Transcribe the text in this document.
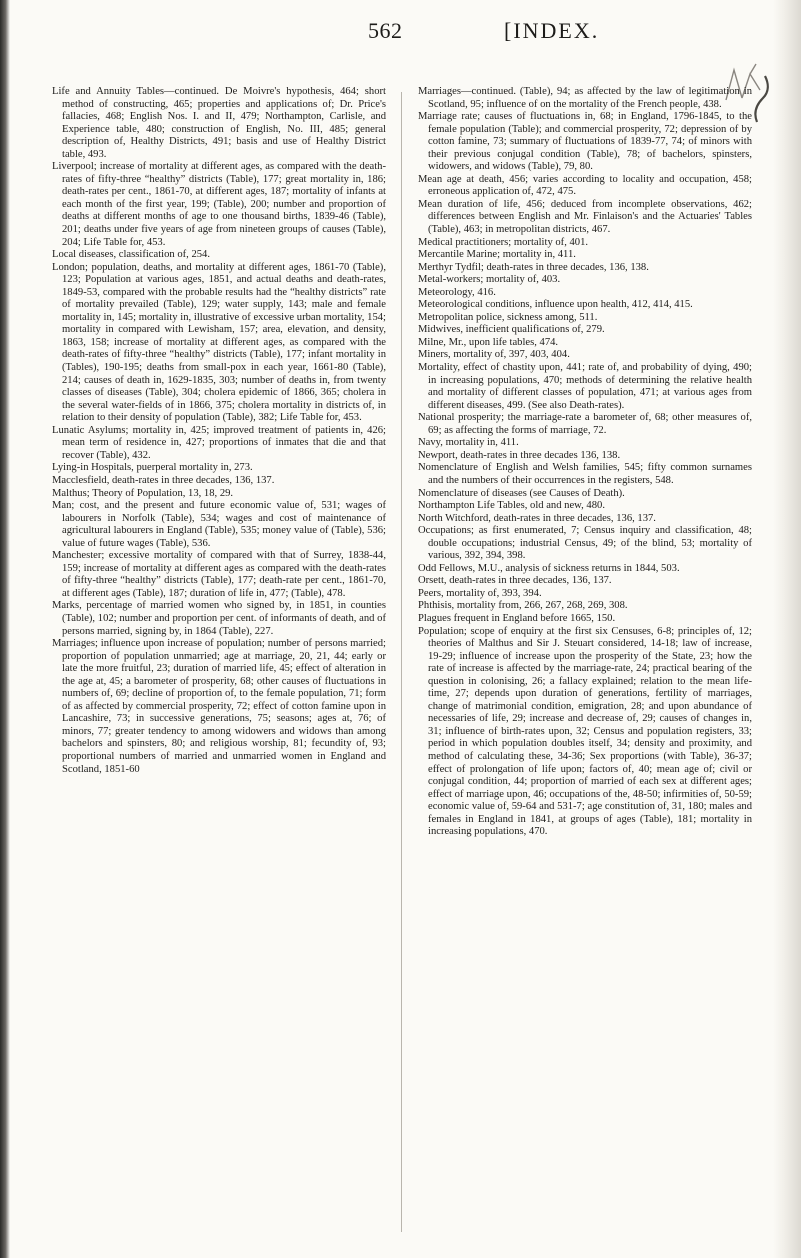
562	[INDEX.
Life and Annuity Tables—continued. De Moivre's hypothesis, 464; short method of constructing, 465; properties and applications of; Dr. Price's fallacies, 468; English Nos. I. and II, 479; Northampton, Carlisle, and Experience table, 480; construction of English, No. III, 485; general description of, Healthy Districts, 491; basis and use of Healthy District table, 493.
Liverpool; increase of mortality at different ages, as compared with the death-rates of fifty-three “healthy” districts (Table), 177; great mortality in, 186; death-rates per cent., 1861-70, at different ages, 187; mortality of infants at each month of the first year, 199; (Table), 200; number and proportion of deaths at different months of age to one thousand births, 1839-46 (Table), 201; deaths under five years of age from nineteen groups of causes (Table), 204; Life Table for, 453.
Local diseases, classification of, 254.
London; population, deaths, and mortality at different ages, 1861-70 (Table), 123; Population at various ages, 1851, and actual deaths and death-rates, 1849-53, compared with the probable results had the “healthy districts” rate of mortality prevailed (Table), 129; water supply, 143; male and female mortality in, 145; mortality in, illustrative of excessive urban mortality, 154; mortality in compared with Lewisham, 157; area, elevation, and density, 1863, 158; increase of mortality at different ages, as compared with the death-rates of fifty-three “healthy” districts (Table), 177; infant mortality in (Tables), 190-195; deaths from small-pox in each year, 1661-80 (Table), 214; causes of death in, 1629-1835, 303; number of deaths in, from twenty classes of diseases (Table), 304; cholera epidemic of 1866, 365; cholera in the several water-fields of in 1866, 375; cholera mortality in districts of, in relation to their density of population (Table), 382; Life Table for, 453.
Lunatic Asylums; mortality in, 425; improved treatment of patients in, 426; mean term of residence in, 427; proportions of inmates that die and that recover (Table), 432.
Lying-in Hospitals, puerperal mortality in, 273.
Macclesfield, death-rates in three decades, 136, 137.
Malthus; Theory of Population, 13, 18, 29.
Man; cost, and the present and future economic value of, 531; wages of labourers in Norfolk (Table), 534; wages and cost of maintenance of agricultural labourers in England (Table), 535; money value of (Table), 536; value of future wages (Table), 536.
Manchester; excessive mortality of compared with that of Surrey, 1838-44, 159; increase of mortality at different ages as compared with the death-rates of fifty-three “healthy” districts (Table), 177; death-rate per cent., 1861-70, at different ages (Table), 187; duration of life in, 477; (Table), 478.
Marks, percentage of married women who signed by, in 1851, in counties (Table), 102; number and proportion per cent. of informants of death, and of persons married, signing by, in 1864 (Table), 227.
Marriages; influence upon increase of population; number of persons married; proportion of population unmarried; age at marriage, 20, 21, 44; early or late the more fruitful, 23; duration of married life, 45; effect of alteration in the age at, 45; a barometer of prosperity, 68; other causes of fluctuations in numbers of, 69; decline of proportion of, to the female population, 71; form of as affected by commercial prosperity, 72; effect of cotton famine upon in Lancashire, 73; in successive generations, 75; seasons; ages at, 76; of minors, 77; greater tendency to among widowers and widows than among bachelors and spinsters, 80; and religious worship, 81; fecundity of, 93; proportional numbers of married and unmarried women in England and Scotland, 1851-60
Marriages—continued. (Table), 94; as affected by the law of legitimation in Scotland, 95; influence of on the mortality of the French people, 438.
Marriage rate; causes of fluctuations in, 68; in England, 1796-1845, to the female population (Table); and commercial prosperity, 72; depression of by cotton famine, 73; summary of fluctuations of 1839-77, 74; of minors with their previous conjugal condition (Table), 78; of bachelors, spinsters, widowers, and widows (Table), 79, 80.
Mean age at death, 456; varies according to locality and occupation, 458; erroneous application of, 472, 475.
Mean duration of life, 456; deduced from incomplete observations, 462; differences between English and Mr. Finlaison's and the Actuaries' Tables (Table), 463; in metropolitan districts, 467.
Medical practitioners; mortality of, 401.
Mercantile Marine; mortality in, 411.
Merthyr Tydfil; death-rates in three decades, 136, 138.
Metal-workers; mortality of, 403.
Meteorology, 416.
Meteorological conditions, influence upon health, 412, 414, 415.
Metropolitan police, sickness among, 511.
Midwives, inefficient qualifications of, 279.
Milne, Mr., upon life tables, 474.
Miners, mortality of, 397, 403, 404.
Mortality, effect of chastity upon, 441; rate of, and probability of dying, 490; in increasing populations, 470; methods of determining the relative health and mortality of different classes of population, 471; at various ages from different diseases, 499. (See also Death-rates).
National prosperity; the marriage-rate a barometer of, 68; other measures of, 69; as affecting the forms of marriage, 72.
Navy, mortality in, 411.
Newport, death-rates in three decades 136, 138.
Nomenclature of English and Welsh families, 545; fifty common surnames and the numbers of their occurrences in the registers, 548.
Nomenclature of diseases (see Causes of Death).
Northampton Life Tables, old and new, 480.
North Witchford, death-rates in three decades, 136, 137.
Occupations; as first enumerated, 7; Census inquiry and classification, 48; double occupations; industrial Census, 49; of the blind, 53; mortality of various, 392, 394, 398.
Odd Fellows, M.U., analysis of sickness returns in 1844, 503.
Orsett, death-rates in three decades, 136, 137.
Peers, mortality of, 393, 394.
Phthisis, mortality from, 266, 267, 268, 269, 308.
Plagues frequent in England before 1665, 150.
Population; scope of enquiry at the first six Censuses, 6-8; principles of, 12; theories of Malthus and Sir J. Steuart considered, 14-18; law of increase, 19-29; influence of increase upon the prosperity of the State, 23; how the rate of increase is affected by the marriage-rate, 24; practical bearing of the question in colonising, 26; a fallacy explained; relation to the mean life-time, 27; depends upon duration of generations, fertility of marriages, change of matrimonial condition, emigration, 28; and upon abundance of necessaries of life, 29; increase and decrease of, 29; causes of changes in, 31; influence of birth-rates upon, 32; Census and population registers, 33; period in which population doubles itself, 34; density and proximity, and method of calculating these, 34-36; Sex proportions (with Table), 36-37; effect of prolongation of life upon; factors of, 40; mean age of; civil or conjugal condition, 44; proportion of married of each sex at different ages; effect of marriage upon, 46; occupations of the, 48-50; infirmities of, 50-59; economic value of, 59-64 and 531-7; age constitution of, 31, 180; males and females in England in 1841, at groups of ages (Table), 181; mortality in increasing populations, 470.
